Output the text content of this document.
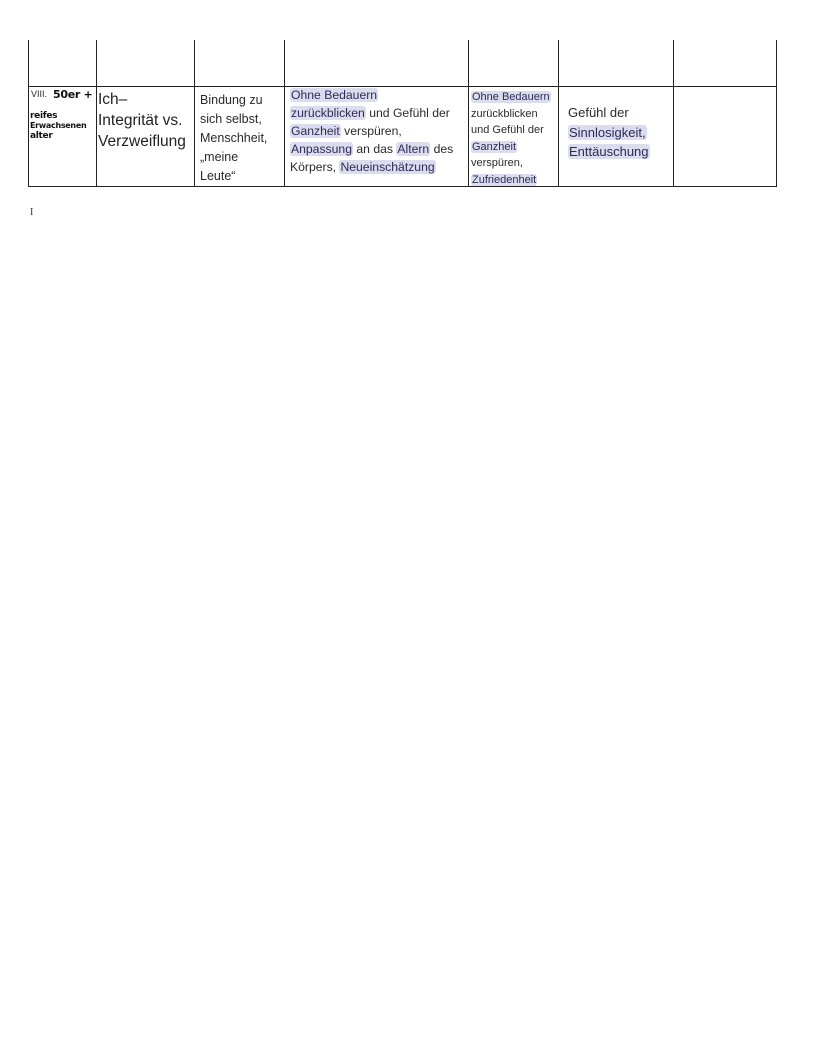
VIII. 50er +
reifes
Erwachsenen
alter
Ich–
Integrität vs.
Verzweiflung
Bindung zu
sich selbst,
Menschheit,
„meine
Leute“
Ohne Bedauern
zurückblicken und Gefühl der
Ganzheit verspüren,
Anpassung an das Altern des
Körpers, Neueinschätzung
Ohne Bedauern
zurückblicken
und Gefühl der
Ganzheit
verspüren,
Zufriedenheit
Gefühl der
Sinnlosigkeit,
Enttäuschung
I
